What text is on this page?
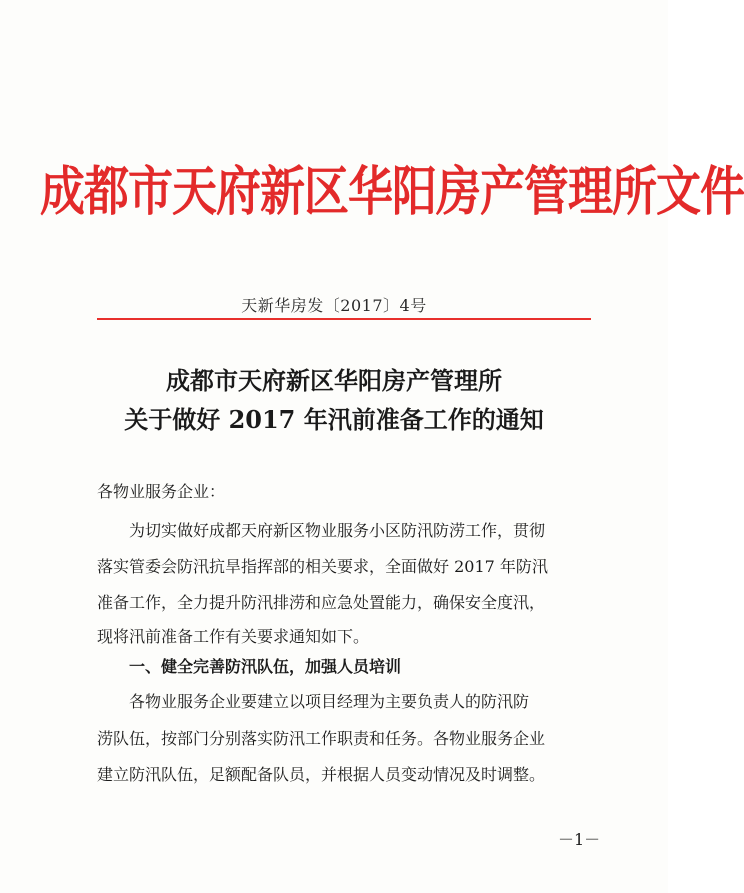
成都市天府新区华阳房产管理所文件
天新华房发〔2017〕4号
成都市天府新区华阳房产管理所
关于做好 2017 年汛前准备工作的通知
各物业服务企业：
为切实做好成都天府新区物业服务小区防汛防涝工作，贯彻
落实管委会防汛抗旱指挥部的相关要求，全面做好 2017 年防汛
准备工作，全力提升防汛排涝和应急处置能力，确保安全度汛，
现将汛前准备工作有关要求通知如下。
一、健全完善防汛队伍，加强人员培训
各物业服务企业要建立以项目经理为主要负责人的防汛防
涝队伍，按部门分别落实防汛工作职责和任务。各物业服务企业
建立防汛队伍，足额配备队员，并根据人员变动情况及时调整。
－1－
